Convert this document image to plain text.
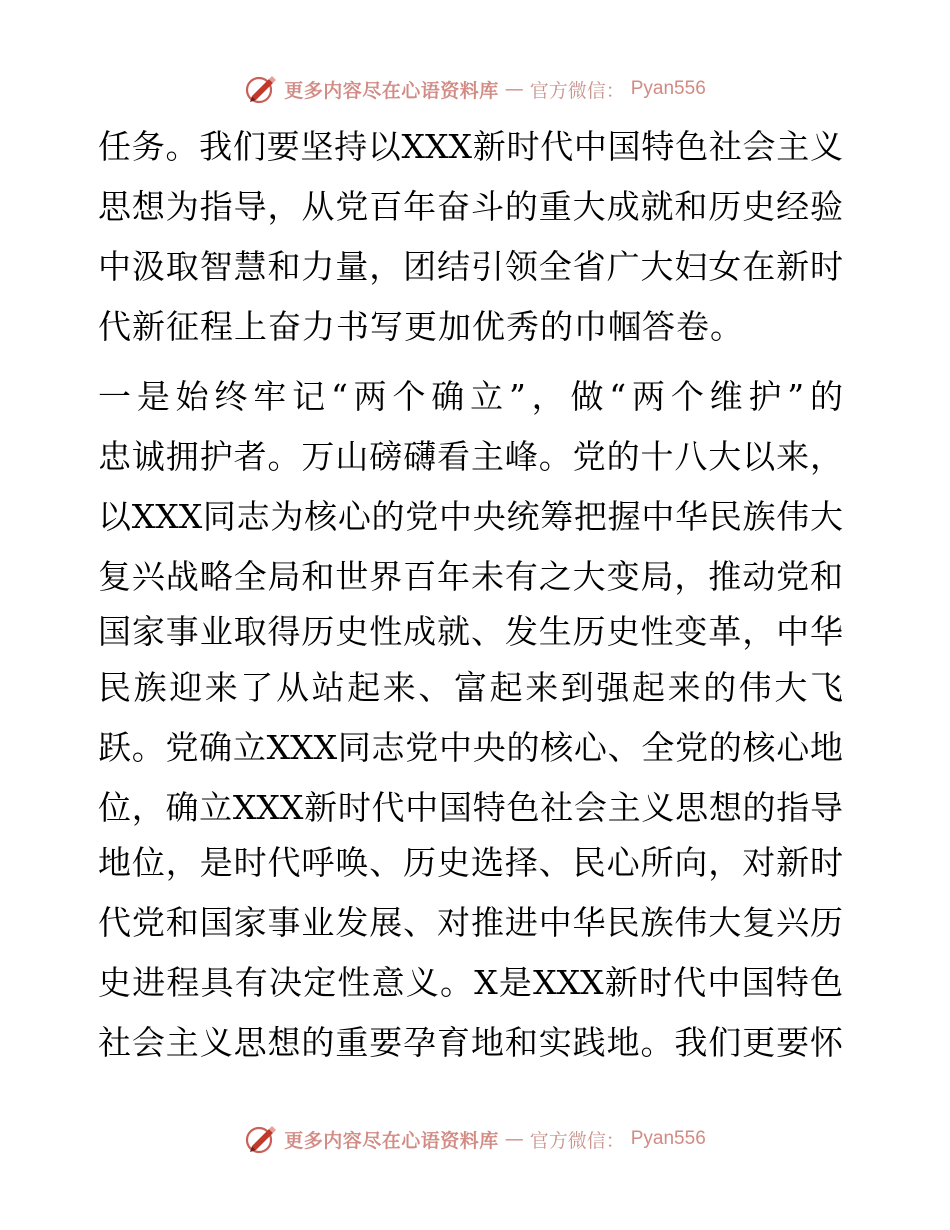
更多内容尽在心语资料库 — 官方微信： Pyan556
任务。我们要坚持以XXX新时代中国特色社会主义
思想为指导，从党百年奋斗的重大成就和历史经验
中汲取智慧和力量，团结引领全省广大妇女在新时
代新征程上奋力书写更加优秀的巾帼答卷。
一是始终牢记“两个确立”，做“两个维护”的
忠诚拥护者。万山磅礴看主峰。党的十八大以来，
以XXX同志为核心的党中央统筹把握中华民族伟大
复兴战略全局和世界百年未有之大变局，推动党和
国家事业取得历史性成就、发生历史性变革，中华
民族迎来了从站起来、富起来到强起来的伟大飞
跃。党确立XXX同志党中央的核心、全党的核心地
位，确立XXX新时代中国特色社会主义思想的指导
地位，是时代呼唤、历史选择、民心所向，对新时
代党和国家事业发展、对推进中华民族伟大复兴历
史进程具有决定性意义。X是XXX新时代中国特色
社会主义思想的重要孕育地和实践地。我们更要怀
更多内容尽在心语资料库 — 官方微信： Pyan556
